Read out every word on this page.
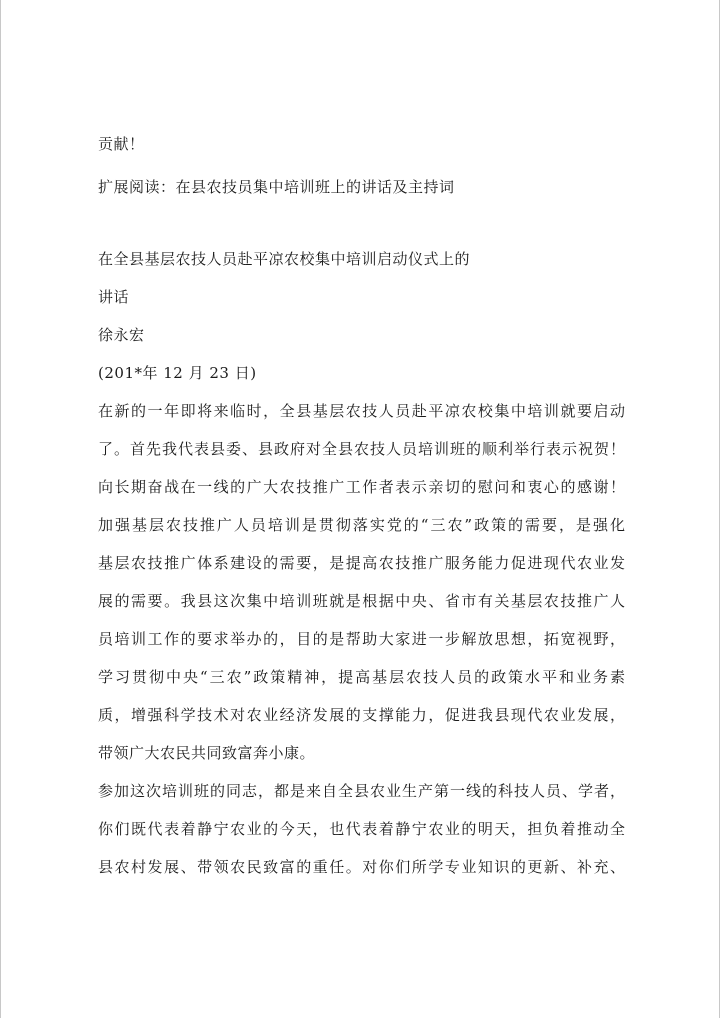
贡献！
扩展阅读：在县农技员集中培训班上的讲话及主持词
在全县基层农技人员赴平凉农校集中培训启动仪式上的
讲话
徐永宏
(201*年 12 月 23 日)
在新的一年即将来临时，全县基层农技人员赴平凉农校集中培训就要启动
了。首先我代表县委、县政府对全县农技人员培训班的顺利举行表示祝贺！
向长期奋战在一线的广大农技推广工作者表示亲切的慰问和衷心的感谢！
加强基层农技推广人员培训是贯彻落实党的“三农”政策的需要，是强化
基层农技推广体系建设的需要，是提高农技推广服务能力促进现代农业发
展的需要。我县这次集中培训班就是根据中央、省市有关基层农技推广人
员培训工作的要求举办的，目的是帮助大家进一步解放思想，拓宽视野，
学习贯彻中央“三农”政策精神，提高基层农技人员的政策水平和业务素
质，增强科学技术对农业经济发展的支撑能力，促进我县现代农业发展，
带领广大农民共同致富奔小康。
参加这次培训班的同志，都是来自全县农业生产第一线的科技人员、学者，
你们既代表着静宁农业的今天，也代表着静宁农业的明天，担负着推动全
县农村发展、带领农民致富的重任。对你们所学专业知识的更新、补充、
